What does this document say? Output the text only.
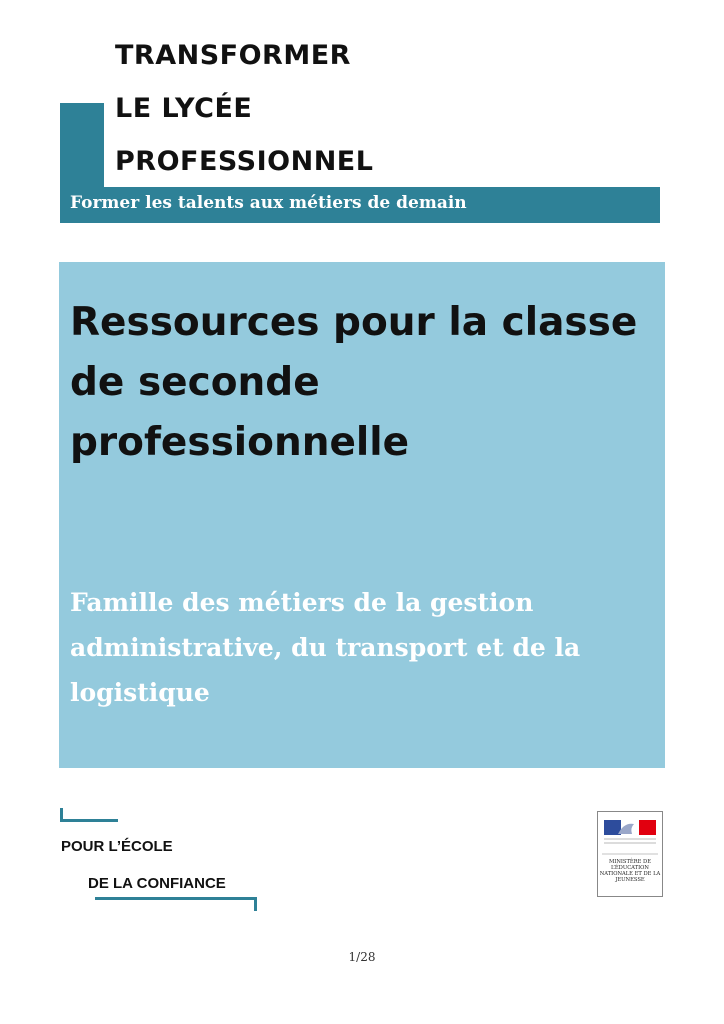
TRANSFORMER
LE LYCÉE
PROFESSIONNEL
Former les talents aux métiers de demain
Ressources pour la classe de seconde professionnelle
Famille des métiers de la gestion administrative, du transport et de la logistique
POUR L’ÉCOLE
DE LA CONFIANCE
MINISTÈRE DE L’ÉDUCATION NATIONALE ET DE LA JEUNESSE
1/28
